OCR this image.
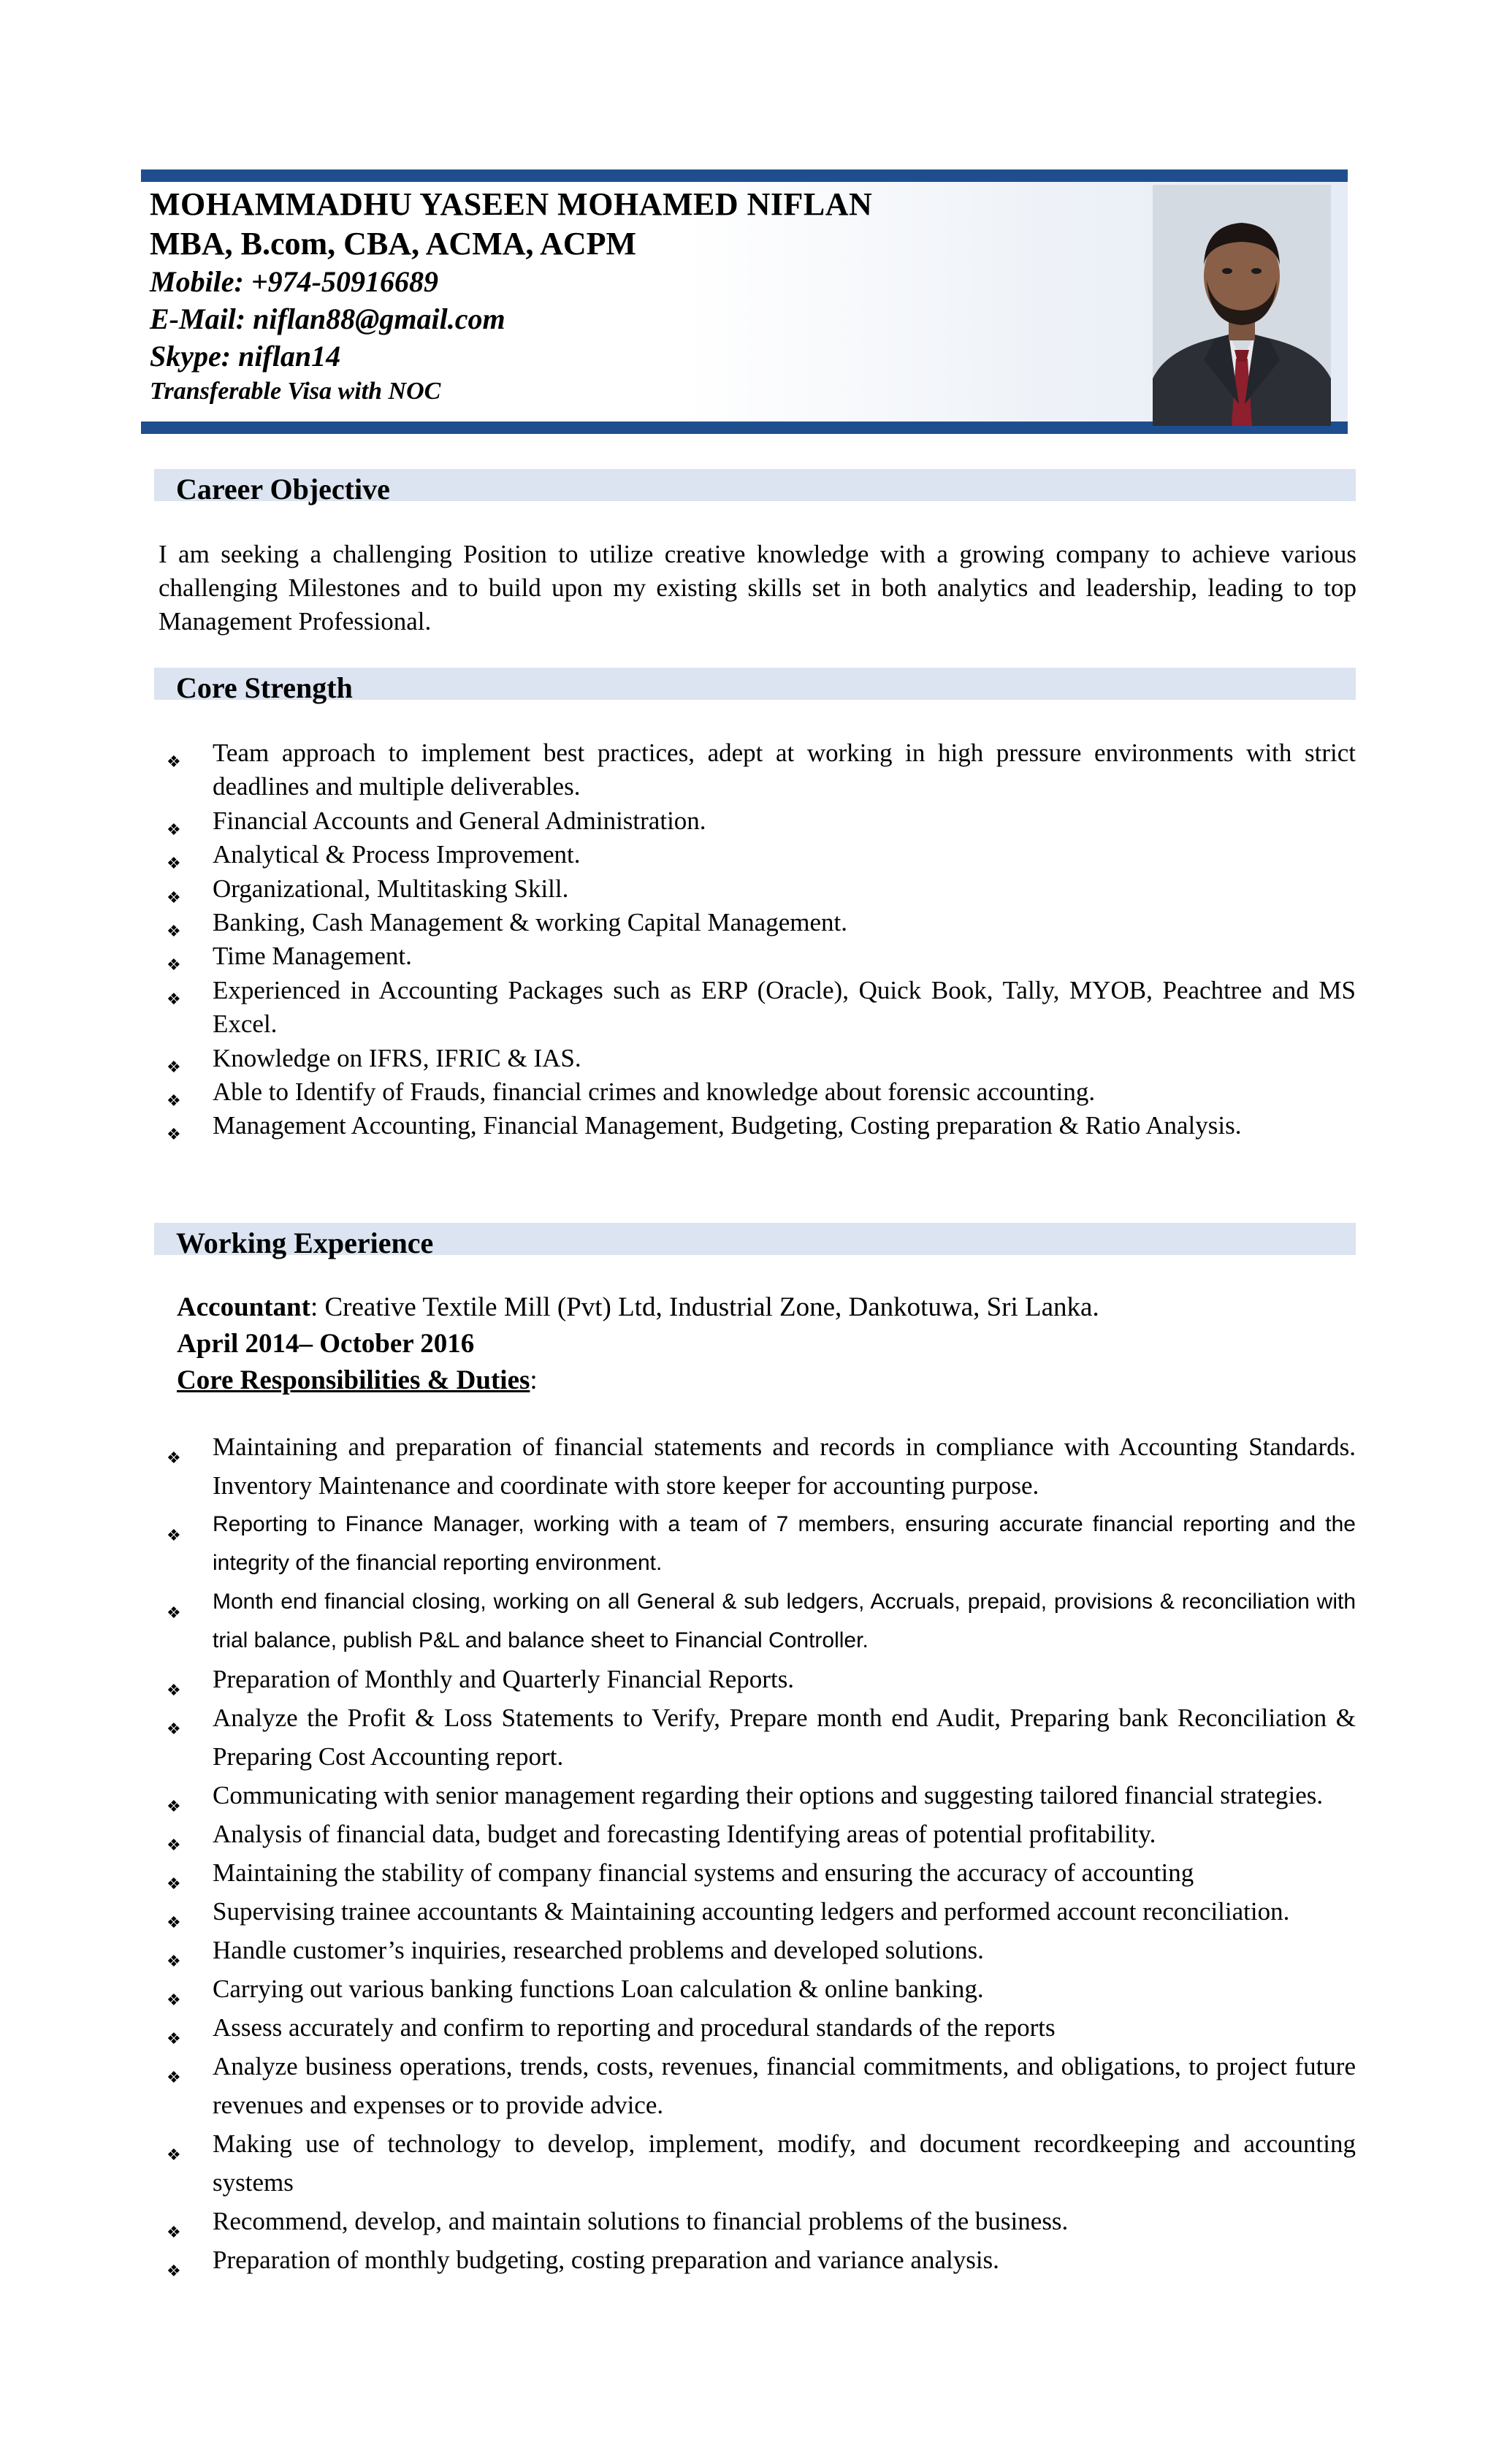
MOHAMMADHU YASEEN MOHAMED NIFLAN
MBA, B.com, CBA, ACMA, ACPM
Mobile: +974-50916689
E-Mail: niflan88@gmail.com
Skype: niflan14
Transferable Visa with NOC
Career Objective
I am seeking a challenging Position to utilize creative knowledge with a growing company to achieve various challenging Milestones and to build upon my existing skills set in both analytics and leadership, leading to top Management Professional.
Core Strength
❖ Team approach to implement best practices, adept at working in high pressure environments with strict deadlines and multiple deliverables.
❖ Financial Accounts and General Administration.
❖ Analytical & Process Improvement.
❖ Organizational, Multitasking Skill.
❖ Banking, Cash Management & working Capital Management.
❖ Time Management.
❖ Experienced in Accounting Packages such as ERP (Oracle), Quick Book, Tally, MYOB, Peachtree and MS Excel.
❖ Knowledge on IFRS, IFRIC & IAS.
❖ Able to Identify of Frauds, financial crimes and knowledge about forensic accounting.
❖ Management Accounting, Financial Management, Budgeting, Costing preparation & Ratio Analysis.
Working Experience
Accountant: Creative Textile Mill (Pvt) Ltd, Industrial Zone, Dankotuwa, Sri Lanka.
April 2014– October 2016
Core Responsibilities & Duties:
❖ Maintaining and preparation of financial statements and records in compliance with Accounting Standards. Inventory Maintenance and coordinate with store keeper for accounting purpose.
❖ Reporting to Finance Manager, working with a team of 7 members, ensuring accurate financial reporting and the integrity of the financial reporting environment.
❖ Month end financial closing, working on all General & sub ledgers, Accruals, prepaid, provisions & reconciliation with trial balance, publish P&L and balance sheet to Financial Controller.
❖ Preparation of Monthly and Quarterly Financial Reports.
❖ Analyze the Profit & Loss Statements to Verify, Prepare month end Audit, Preparing bank Reconciliation & Preparing Cost Accounting report.
❖ Communicating with senior management regarding their options and suggesting tailored financial strategies.
❖ Analysis of financial data, budget and forecasting Identifying areas of potential profitability.
❖ Maintaining the stability of company financial systems and ensuring the accuracy of accounting
❖ Supervising trainee accountants & Maintaining accounting ledgers and performed account reconciliation.
❖ Handle customer’s inquiries, researched problems and developed solutions.
❖ Carrying out various banking functions Loan calculation & online banking.
❖ Assess accurately and confirm to reporting and procedural standards of the reports
❖ Analyze business operations, trends, costs, revenues, financial commitments, and obligations, to project future revenues and expenses or to provide advice.
❖ Making use of technology to develop, implement, modify, and document recordkeeping and accounting systems
❖ Recommend, develop, and maintain solutions to financial problems of the business.
❖ Preparation of monthly budgeting, costing preparation and variance analysis.
